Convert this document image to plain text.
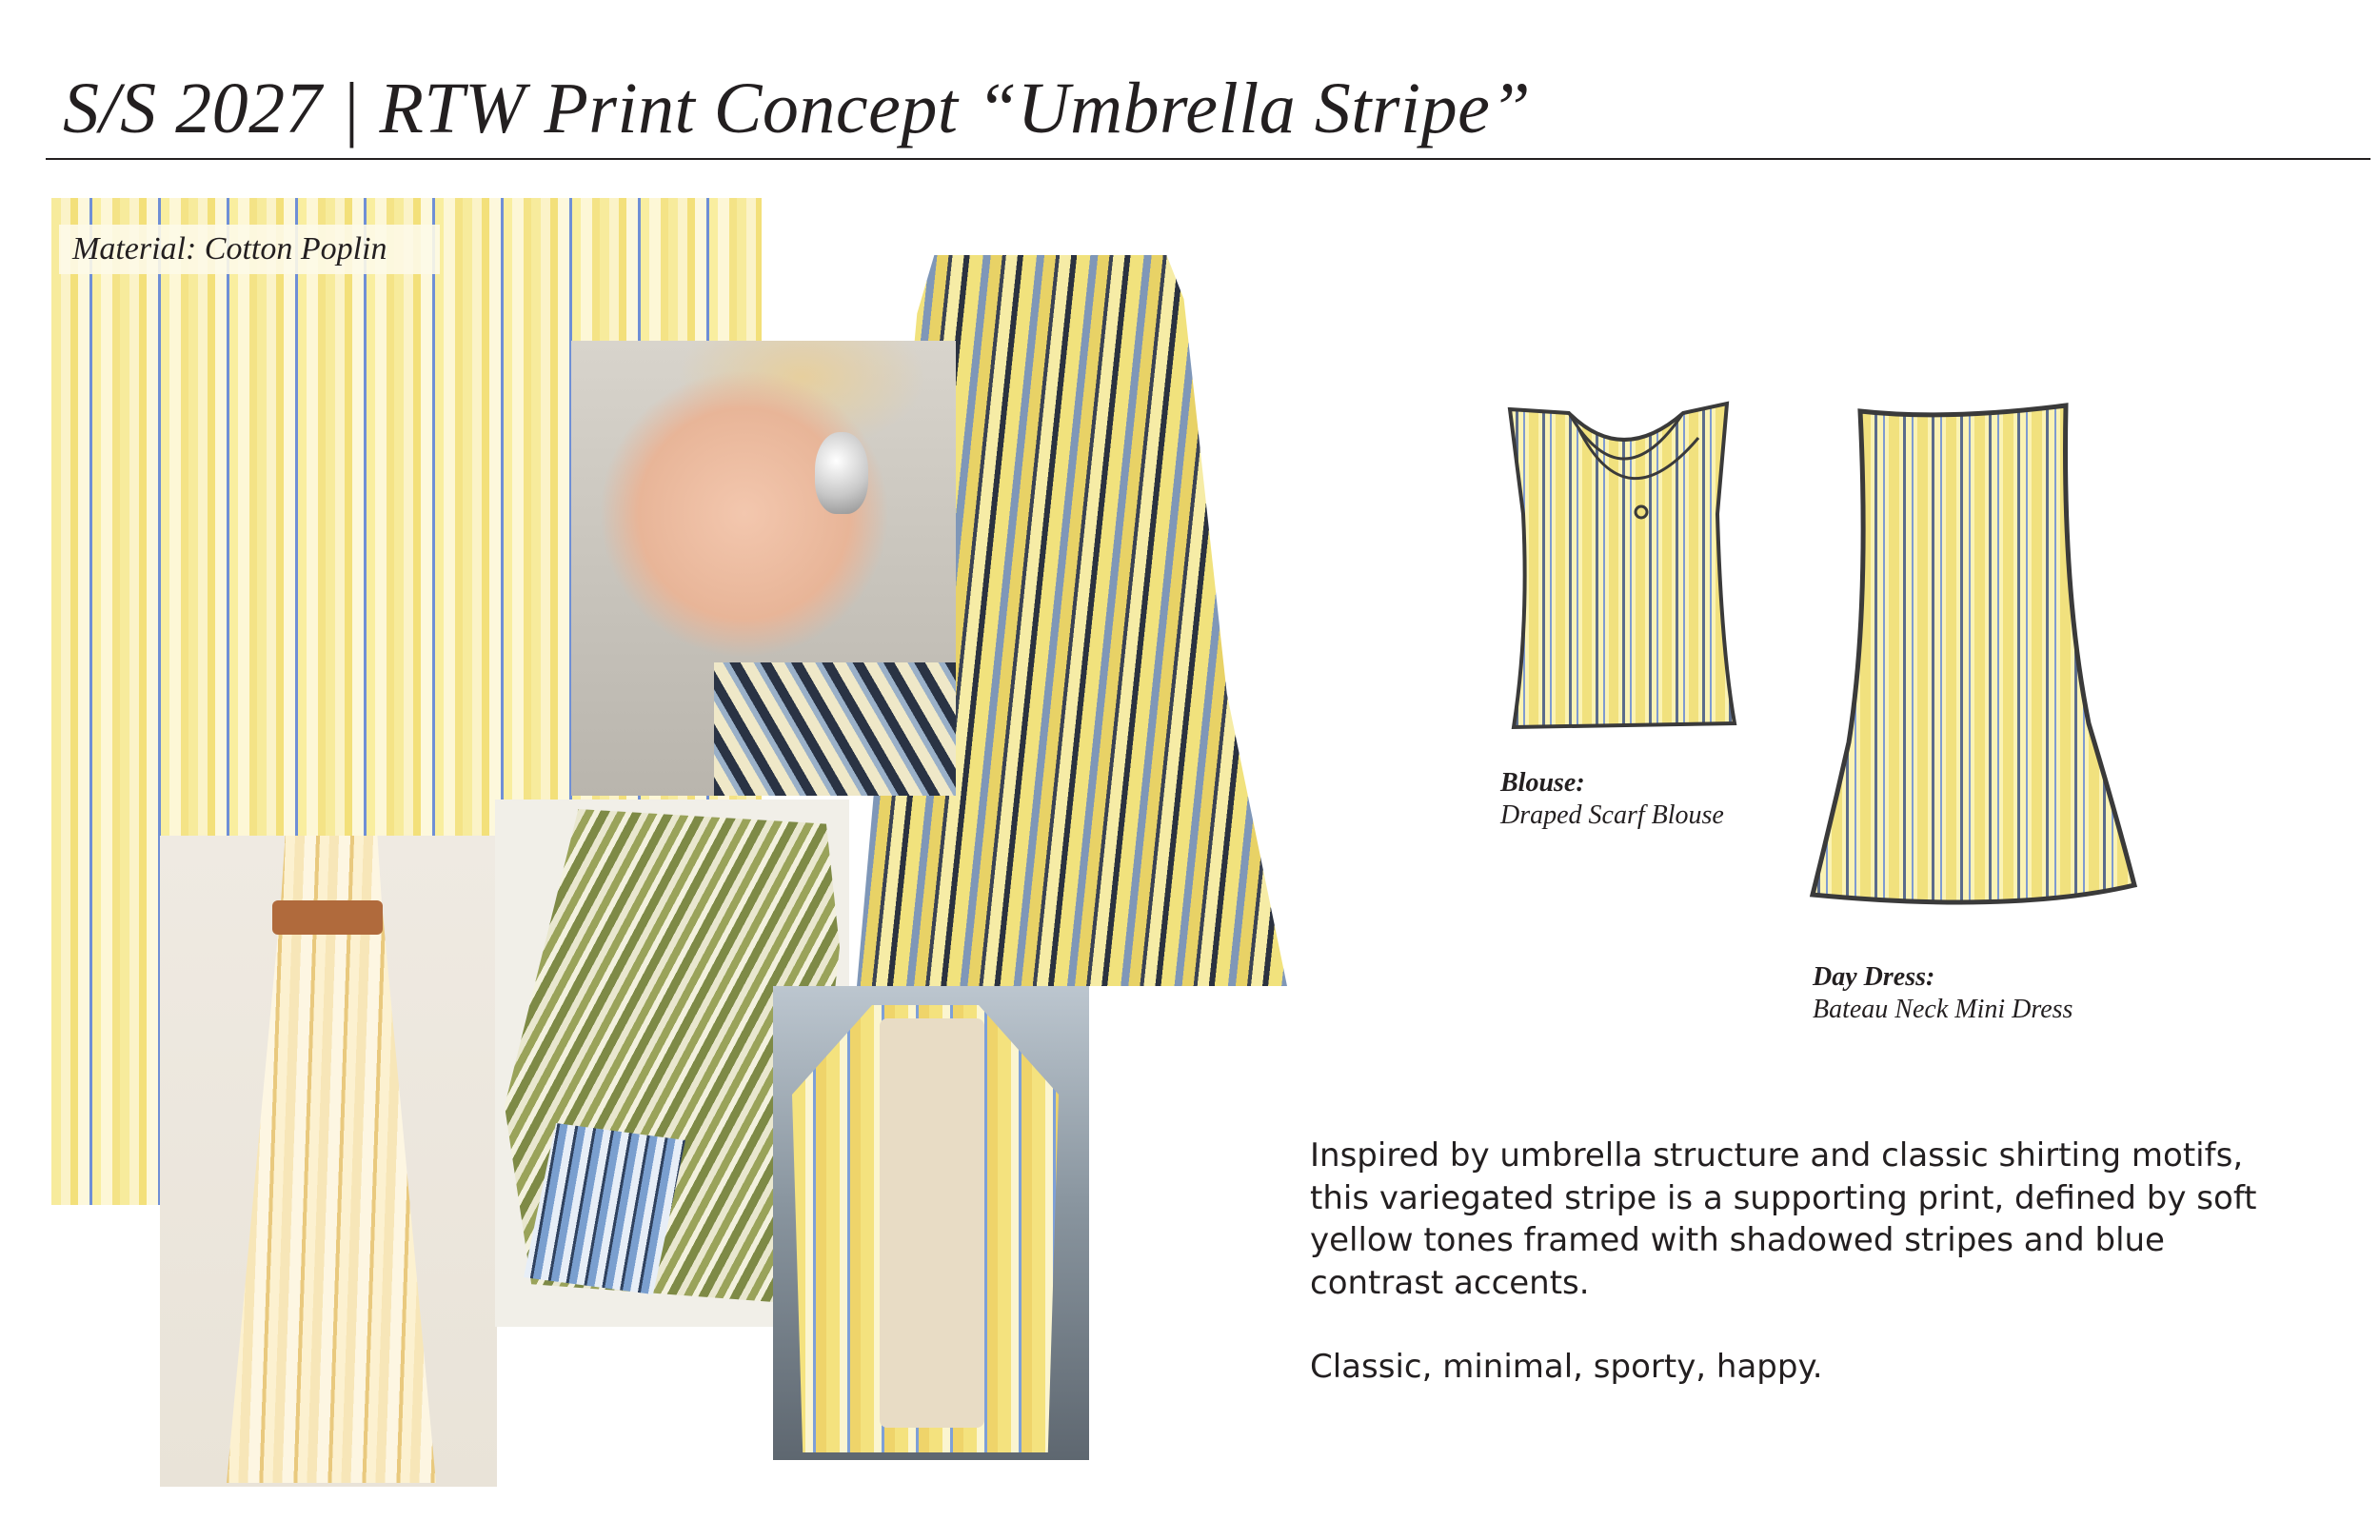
S/S 2027 | RTW Print Concept “Umbrella Stripe”
Material: Cotton Poplin
Blouse:
Draped Scarf Blouse
Day Dress:
Bateau Neck Mini Dress

Inspired by umbrella structure and classic shirting motifs, this variegated stripe is a supporting print, defined by soft yellow tones framed with shadowed stripes and blue contrast accents.

Classic, minimal, sporty, happy.
